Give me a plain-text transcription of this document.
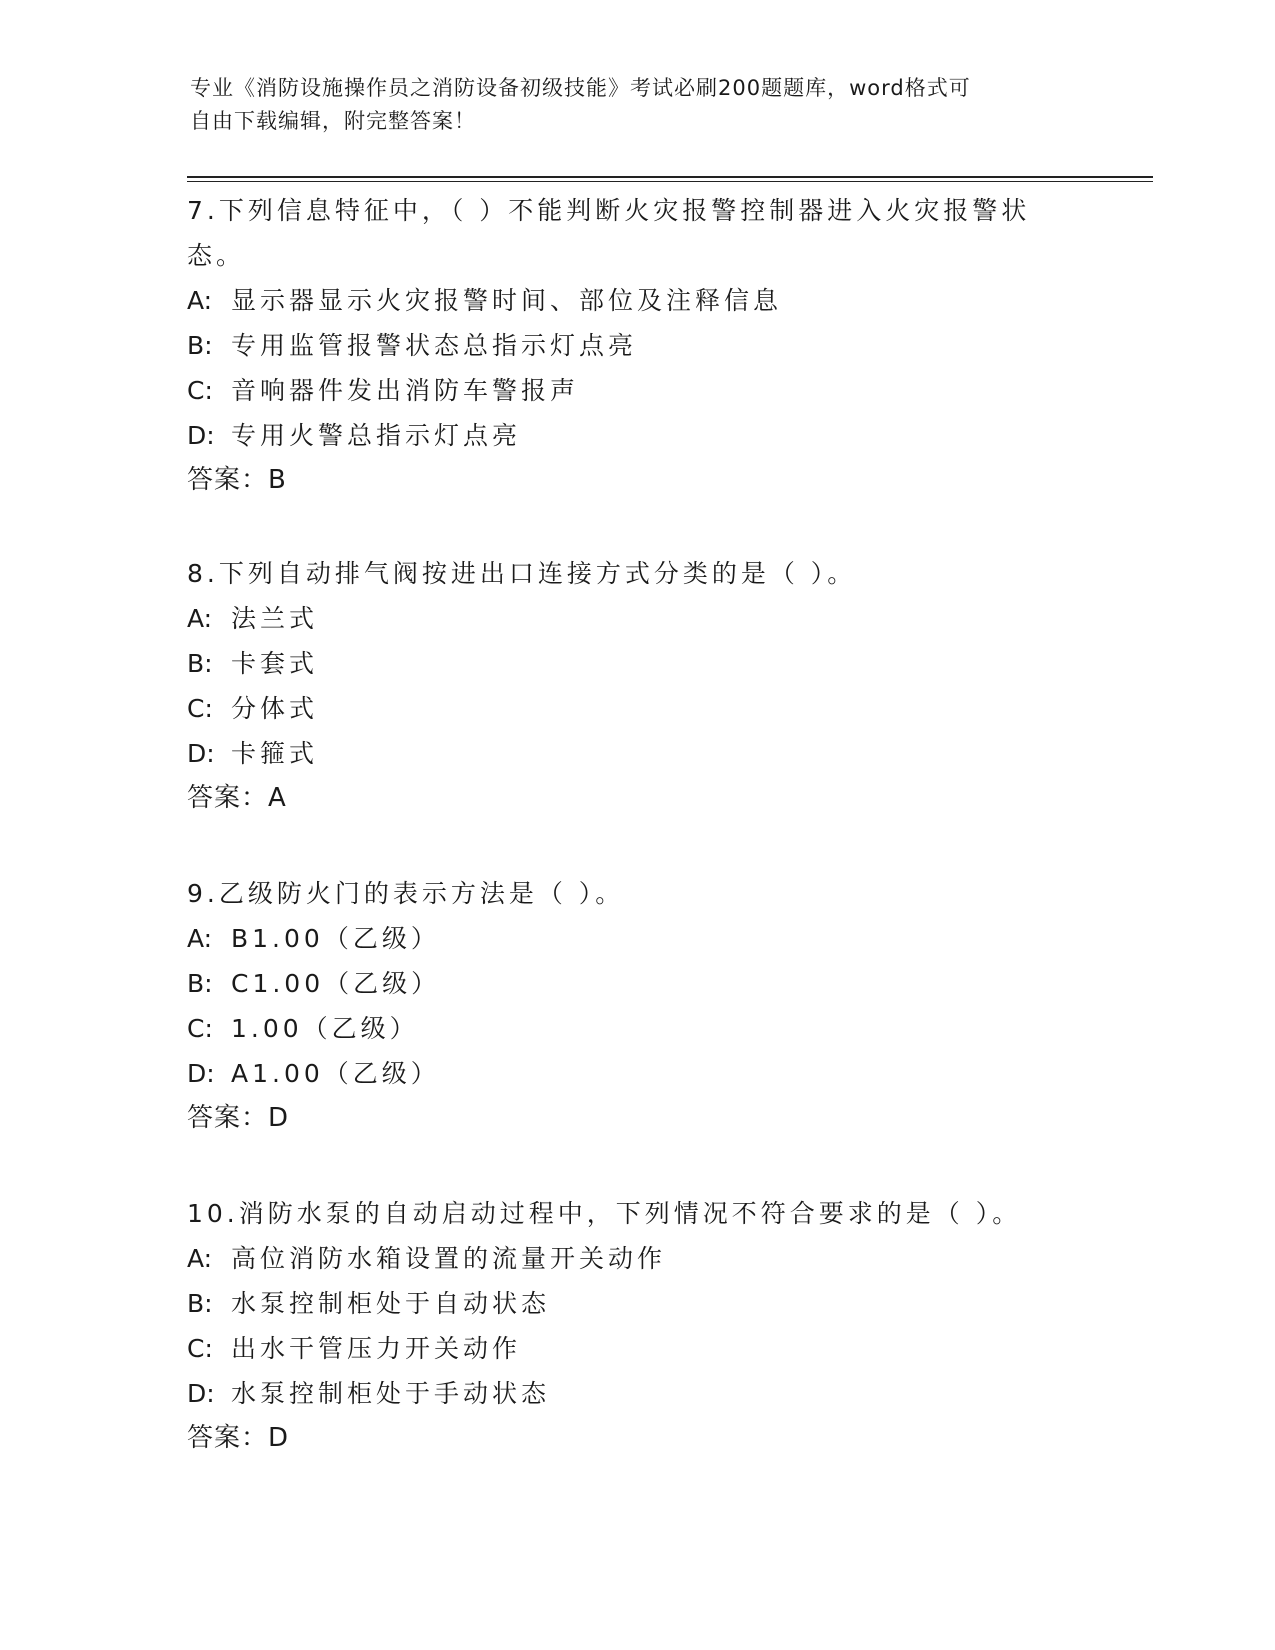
专业《消防设施操作员之消防设备初级技能》考试必刷200题题库，word格式可
自由下载编辑，附完整答案！

7.下列信息特征中，（ ）不能判断火灾报警控制器进入火灾报警状

态。

A: 显示器显示火灾报警时间、部位及注释信息

B: 专用监管报警状态总指示灯点亮

C: 音响器件发出消防车警报声

D: 专用火警总指示灯点亮

答案：B

8.下列自动排气阀按进出口连接方式分类的是（ ）。

A: 法兰式

B: 卡套式

C: 分体式

D: 卡箍式

答案：A

9.乙级防火门的表示方法是（ ）。

A: B1.00（乙级）

B: C1.00（乙级）

C: 1.00（乙级）

D: A1.00（乙级）

答案：D

10.消防水泵的自动启动过程中，下列情况不符合要求的是（ ）。

A: 高位消防水箱设置的流量开关动作

B: 水泵控制柜处于自动状态

C: 出水干管压力开关动作

D: 水泵控制柜处于手动状态

答案：D
